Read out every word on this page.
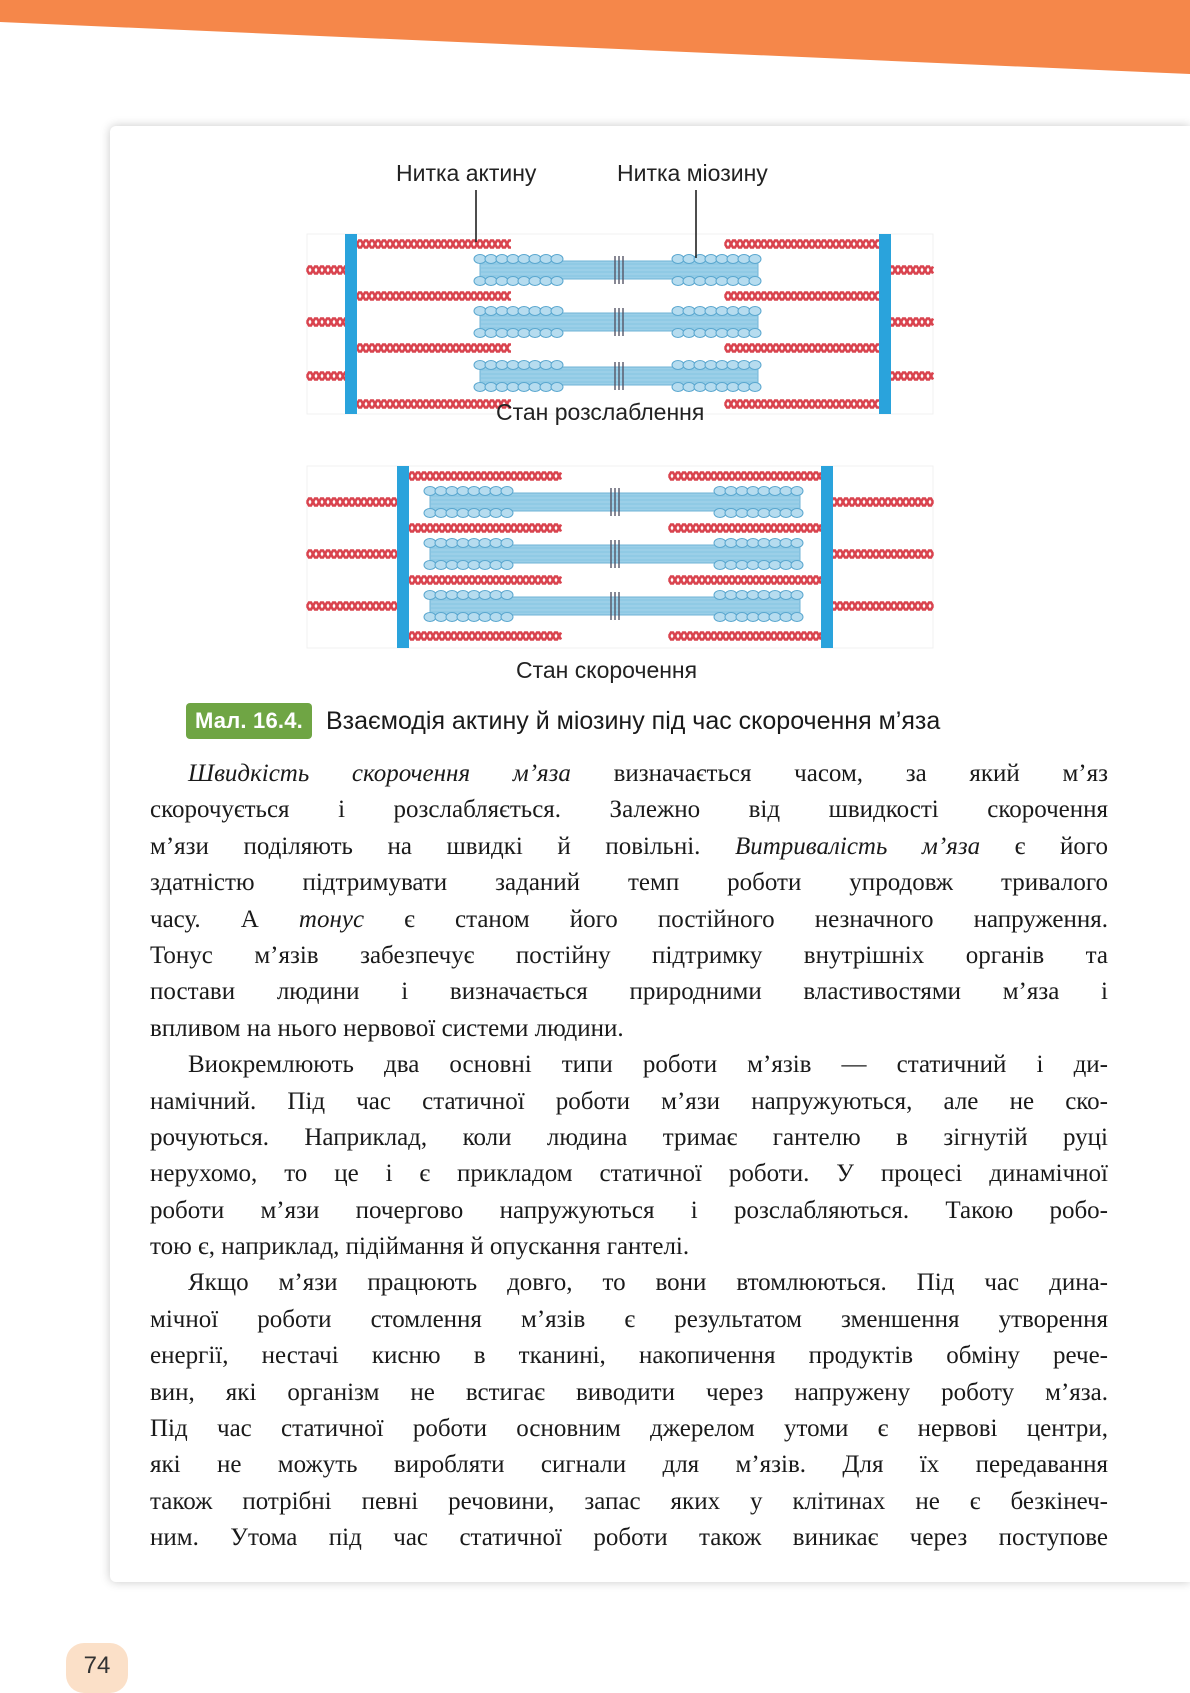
Нитка актину	Нитка міозину
Стан розслаблення
Стан скорочення
Мал. 16.4. Взаємодія актину й міозину під час скорочення м’яза
Швидкість скорочення м’яза визначається часом, за який м’яз
скорочується і розслабляється. Залежно від швидкості скорочення
м’язи поділяють на швидкі й повільні. Витривалість м’яза є його
здатністю підтримувати заданий темп роботи упродовж тривалого
часу. А тонус є станом його постійного незначного напруження.
Тонус м’язів забезпечує постійну підтримку внутрішніх органів та
постави людини і визначається природними властивостями м’яза і
впливом на нього нервової системи людини.
Виокремлюють два основні типи роботи м’язів — статичний і ди-
намічний. Під час статичної роботи м’язи напружуються, але не ско-
рочуються. Наприклад, коли людина тримає гантелю в зігнутій руці
нерухомо, то це і є прикладом статичної роботи. У процесі динамічної
роботи м’язи почергово напружуються і розслабляються. Такою робо-
тою є, наприклад, підіймання й опускання гантелі.
Якщо м’язи працюють довго, то вони втомлюються. Під час дина-
мічної роботи стомлення м’язів є результатом зменшення утворення
енергії, нестачі кисню в тканині, накопичення продуктів обміну рече-
вин, які організм не встигає виводити через напружену роботу м’яза.
Під час статичної роботи основним джерелом утоми є нервові центри,
які не можуть виробляти сигнали для м’язів. Для їх передавання
також потрібні певні речовини, запас яких у клітинах не є безкінеч-
ним. Утома під час статичної роботи також виникає через поступове
74
